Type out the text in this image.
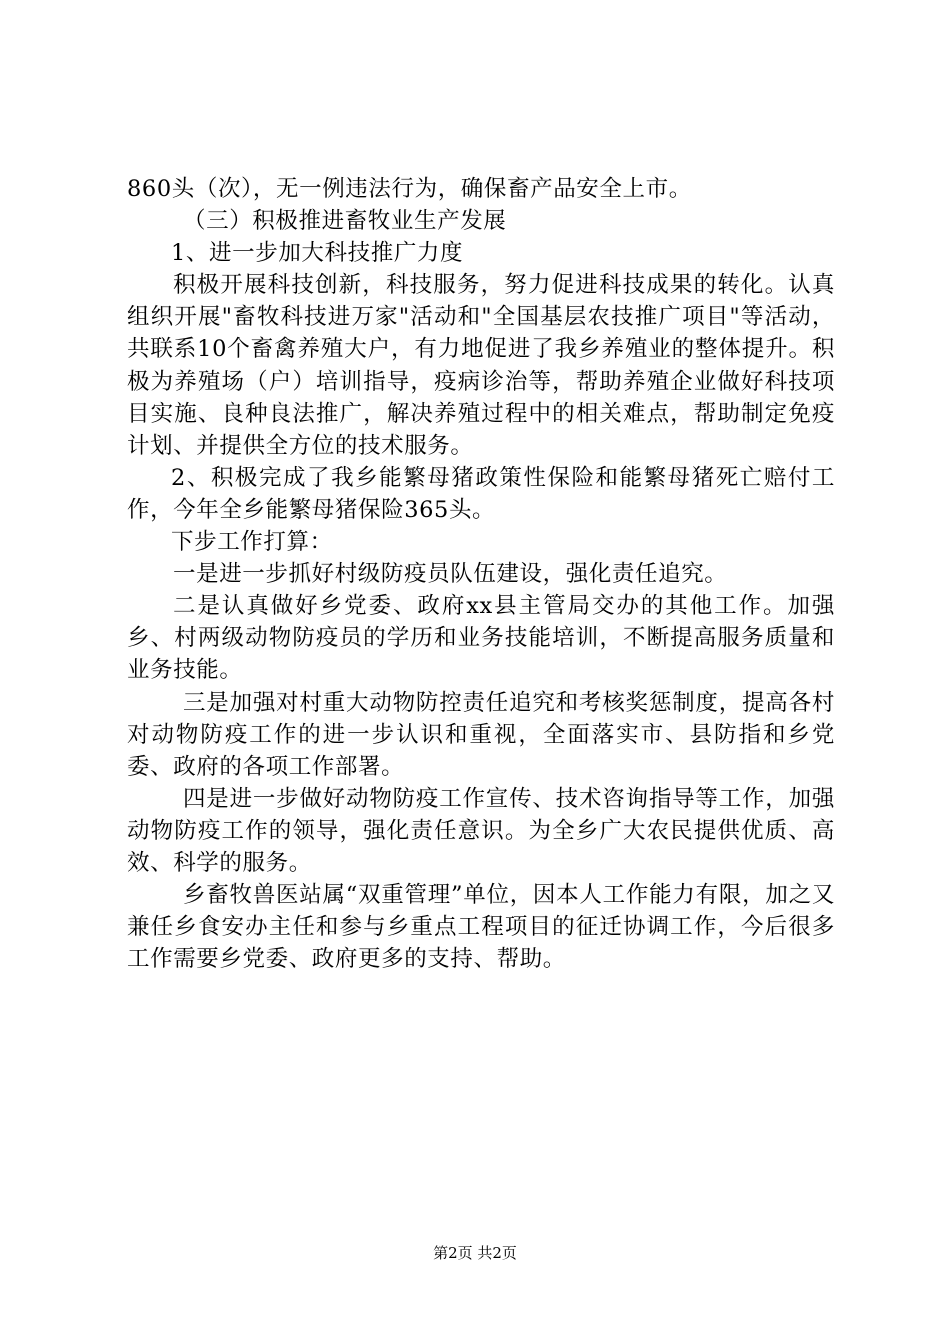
860头（次），无一例违法行为，确保畜产品安全上市。

（三）积极推进畜牧业生产发展

1、进一步加大科技推广力度

积极开展科技创新，科技服务，努力促进科技成果的转化。认真组织开展"畜牧科技进万家"活动和"全国基层农技推广项目"等活动，共联系10个畜禽养殖大户，有力地促进了我乡养殖业的整体提升。积极为养殖场（户）培训指导，疫病诊治等，帮助养殖企业做好科技项目实施、良种良法推广，解决养殖过程中的相关难点，帮助制定免疫计划、并提供全方位的技术服务。

2、积极完成了我乡能繁母猪政策性保险和能繁母猪死亡赔付工作，今年全乡能繁母猪保险365头。

下步工作打算：

一是进一步抓好村级防疫员队伍建设，强化责任追究。

二是认真做好乡党委、政府xx县主管局交办的其他工作。加强乡、村两级动物防疫员的学历和业务技能培训，不断提高服务质量和业务技能。

三是加强对村重大动物防控责任追究和考核奖惩制度，提高各村对动物防疫工作的进一步认识和重视，全面落实市、县防指和乡党委、政府的各项工作部署。

四是进一步做好动物防疫工作宣传、技术咨询指导等工作，加强动物防疫工作的领导，强化责任意识。为全乡广大农民提供优质、高效、科学的服务。

乡畜牧兽医站属“双重管理”单位，因本人工作能力有限，加之又兼任乡食安办主任和参与乡重点工程项目的征迁协调工作，今后很多工作需要乡党委、政府更多的支持、帮助。

第2页 共2页
